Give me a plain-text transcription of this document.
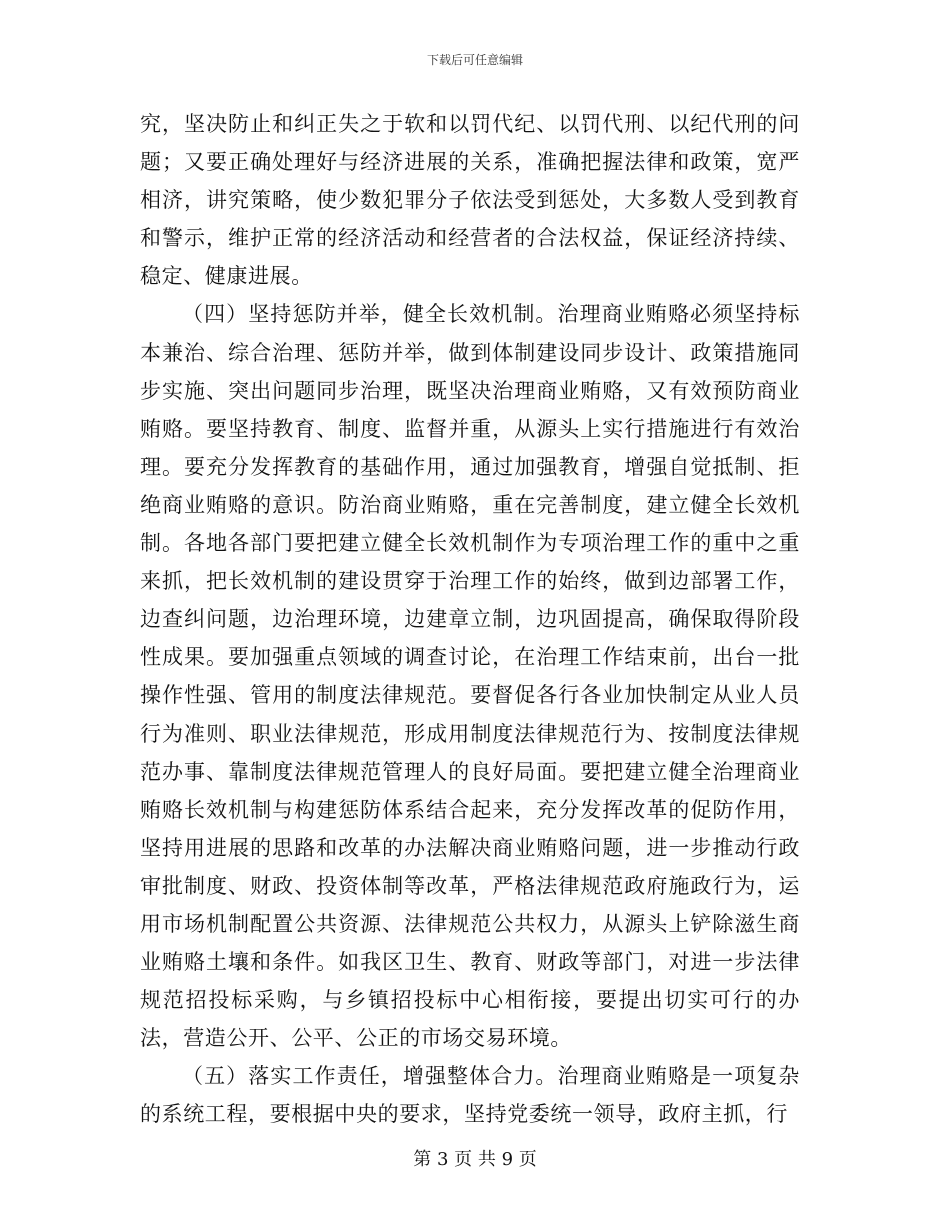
下载后可任意编辑

究，坚决防止和纠正失之于软和以罚代纪、以罚代刑、以纪代刑的问题；又要正确处理好与经济进展的关系，准确把握法律和政策，宽严相济，讲究策略，使少数犯罪分子依法受到惩处，大多数人受到教育和警示，维护正常的经济活动和经营者的合法权益，保证经济持续、稳定、健康进展。

（四）坚持惩防并举，健全长效机制。治理商业贿赂必须坚持标本兼治、综合治理、惩防并举，做到体制建设同步设计、政策措施同步实施、突出问题同步治理，既坚决治理商业贿赂，又有效预防商业贿赂。要坚持教育、制度、监督并重，从源头上实行措施进行有效治理。要充分发挥教育的基础作用，通过加强教育，增强自觉抵制、拒绝商业贿赂的意识。防治商业贿赂，重在完善制度，建立健全长效机制。各地各部门要把建立健全长效机制作为专项治理工作的重中之重来抓，把长效机制的建设贯穿于治理工作的始终，做到边部署工作，边查纠问题，边治理环境，边建章立制，边巩固提高，确保取得阶段性成果。要加强重点领域的调查讨论，在治理工作结束前，出台一批操作性强、管用的制度法律规范。要督促各行各业加快制定从业人员行为准则、职业法律规范，形成用制度法律规范行为、按制度法律规范办事、靠制度法律规范管理人的良好局面。要把建立健全治理商业贿赂长效机制与构建惩防体系结合起来，充分发挥改革的促防作用，坚持用进展的思路和改革的办法解决商业贿赂问题，进一步推动行政审批制度、财政、投资体制等改革，严格法律规范政府施政行为，运用市场机制配置公共资源、法律规范公共权力，从源头上铲除滋生商业贿赂土壤和条件。如我区卫生、教育、财政等部门，对进一步法律规范招投标采购，与乡镇招投标中心相衔接，要提出切实可行的办法，营造公开、公平、公正的市场交易环境。

（五）落实工作责任，增强整体合力。治理商业贿赂是一项复杂的系统工程，要根据中央的要求，坚持党委统一领导，政府主抓，行

第 3 页 共 9 页
